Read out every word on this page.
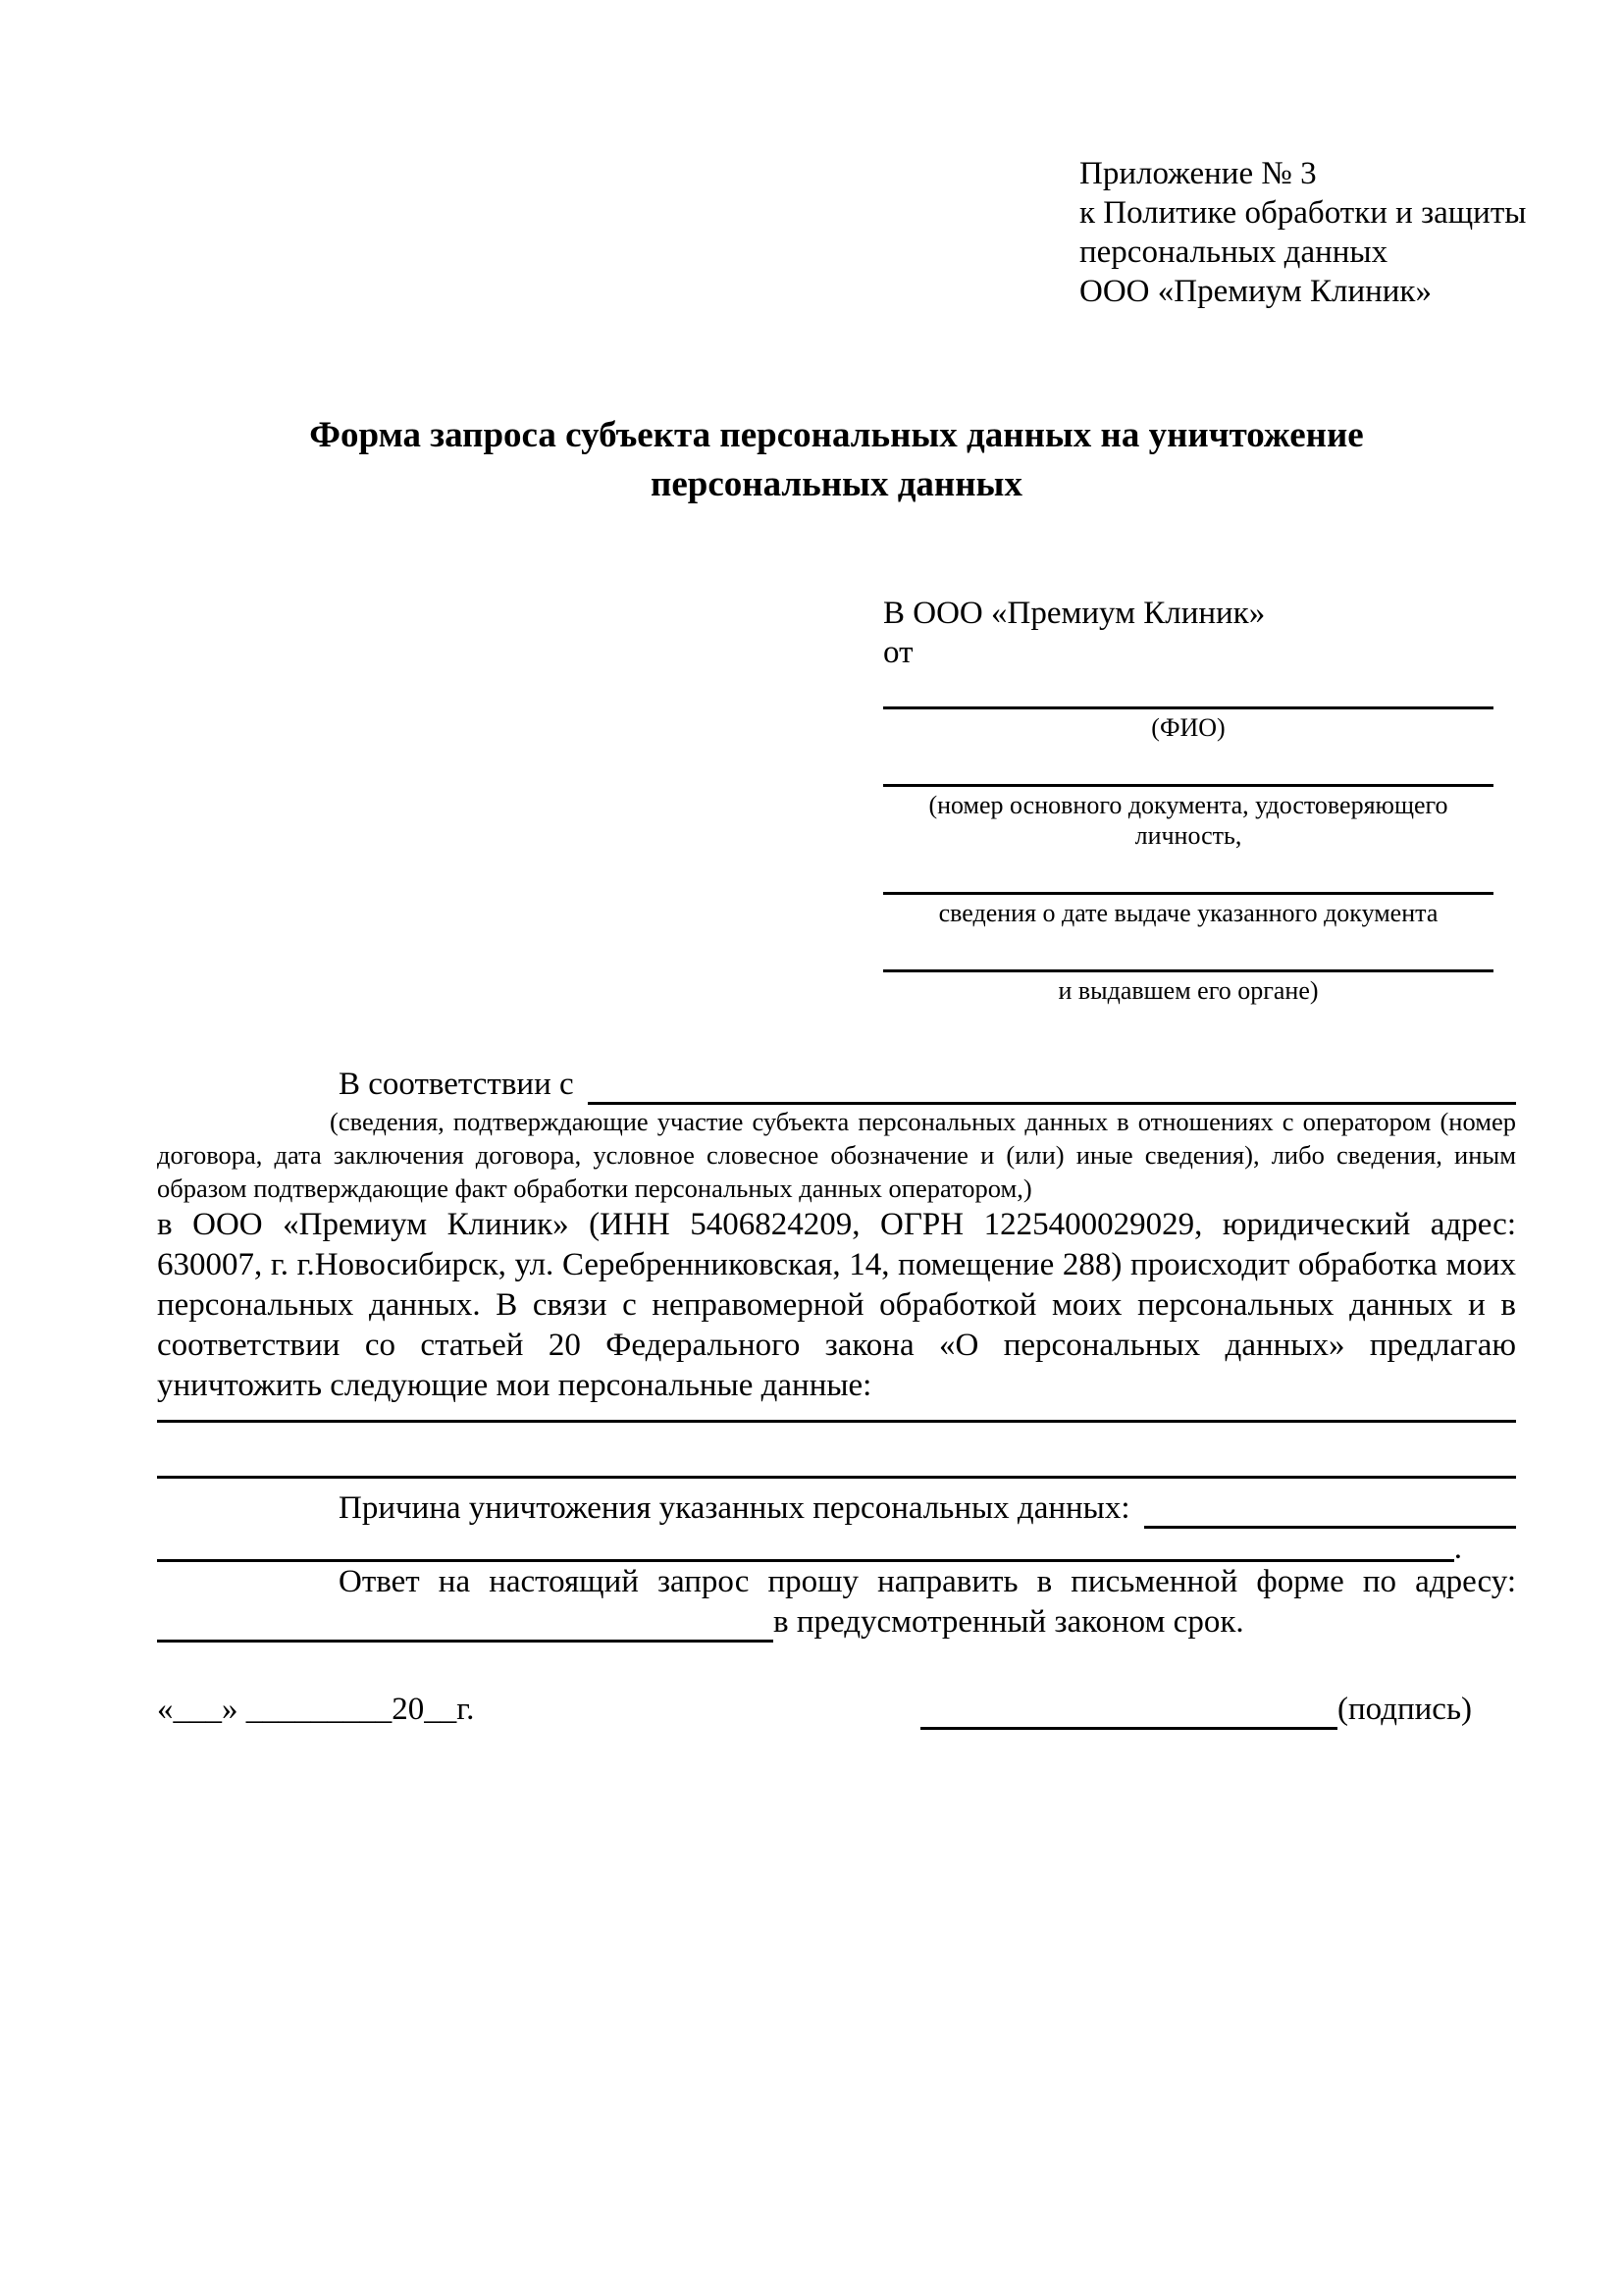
Приложение № 3
к Политике обработки и защиты
персональных данных
ООО «Премиум Клиник»
Форма запроса субъекта персональных данных на уничтожение персональных данных
В ООО «Премиум Клиник»
от
(ФИО)
(номер основного документа, удостоверяющего личность,
сведения о дате выдаче указанного документа
и выдавшем его органе)
В соответствии с
(сведения, подтверждающие участие субъекта персональных данных в отношениях с оператором (номер договора, дата заключения договора, условное словесное обозначение и (или) иные сведения), либо сведения, иным образом подтверждающие факт обработки персональных данных оператором,)

в ООО «Премиум Клиник» (ИНН 5406824209, ОГРН 1225400029029, юридический адрес: 630007, г. г.Новосибирск, ул. Серебренниковская, 14, помещение 288) происходит обработка моих персональных данных. В связи с неправомерной обработкой моих персональных данных и в соответствии со статьей 20 Федерального закона «О персональных данных» предлагаю уничтожить следующие мои персональные данные:

Причина уничтожения указанных персональных данных:
.

Ответ на настоящий запрос прошу направить в письменной форме по адресу:

в предусмотренный законом срок.
«___» _________20__г.	(подпись)
